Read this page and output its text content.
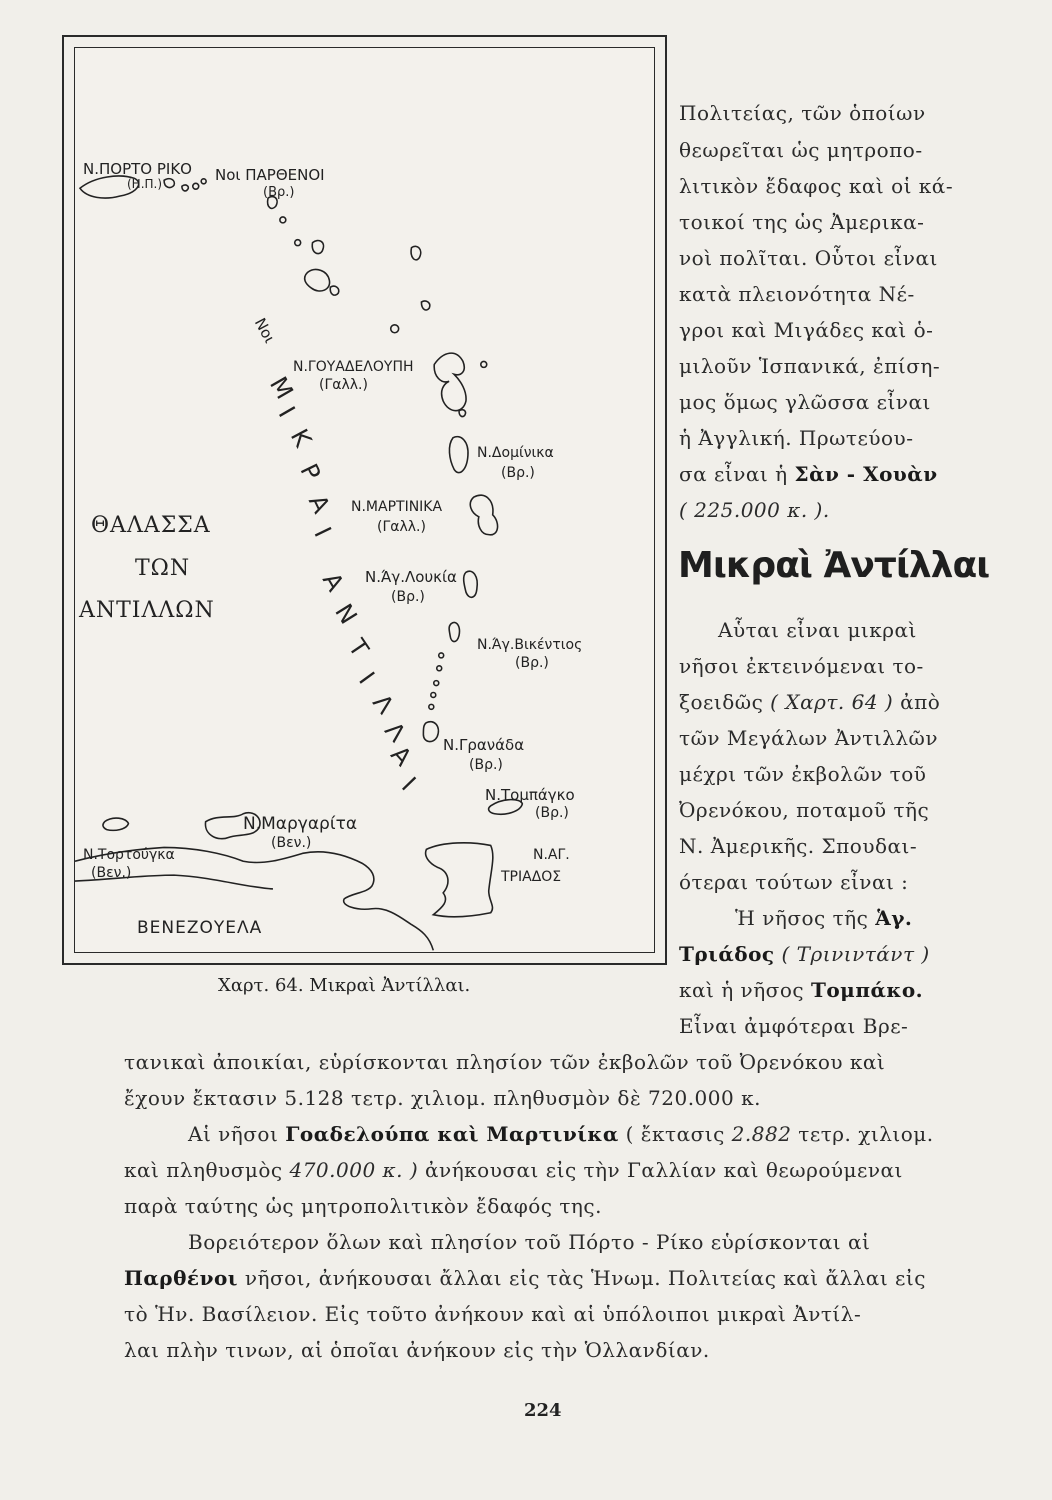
Ν.ΠΟΡΤΟ ΡΙΚΟ
(Η.Π.)	Νοι ΠΑΡΘΕΝΟΙ
(Βρ.)
Νοι
Ν.ΓΟΥΑΔΕΛΟΥΠΗ
(Γαλλ.)
Ν.Δομίνικα
(Βρ.)
Ν.ΜΑΡΤΙΝΙΚΑ
(Γαλλ.)
Ν.Άγ.Λουκία
(Βρ.)
Ν.Άγ.Βικέντιος
(Βρ.)
Ν.Γρανάδα
(Βρ.)
Ν.Τομπάγκο
(Βρ.)
Ν.Μαργαρίτα
(Βεν.)
Ν.Τορτούγκα
(Βεν.)
Ν.ΑΓ.
ΤΡΙΑΔΟΣ
ΒΕΝΕΖΟΥΕΛΑ
ΘΑΛΑΣΣΑ
ΤΩΝ
ΑΝΤΙΛΛΩΝ
Μ
Ι
Κ
Ρ
Α
Ι
Α
Ν
Τ
Ι
Λ
Λ
Α
Ι
Χαρτ. 64. Μικραὶ Ἀντίλλαι.
Πολιτείας, τῶν ὁποίων
θεωρεῖται ὡς μητροπο-
λιτικὸν ἔδαφος καὶ οἱ κά-
τοικοί της ὡς Ἀμερικα-
νοὶ πολῖται. Οὗτοι εἶναι
κατὰ πλειονότητα Νέ-
γροι καὶ Μιγάδες καὶ ὁ-
μιλοῦν Ἱσπανικά, ἐπίση-
μος ὅμως γλῶσσα εἶναι
ἡ Ἀγγλική. Πρωτεύου-
σα εἶναι ἡ Σὰν - Χουὰν
( 225.000 κ. ).
Μικραὶ Ἀντίλλαι
Αὗται εἶναι μικραὶ
νῆσοι ἐκτεινόμεναι το-
ξοειδῶς ( Χαρτ. 64 ) ἀπὸ
τῶν Μεγάλων Ἀντιλλῶν
μέχρι τῶν ἐκβολῶν τοῦ
Ὀρενόκου, ποταμοῦ τῆς
Ν. Ἀμερικῆς. Σπουδαι-
ότεραι τούτων εἶναι :
Ἡ νῆσος τῆς Ἁγ.
Τριάδος ( Τρινιντάντ )
καὶ ἡ νῆσος Τομπάκο.
Εἶναι ἀμφότεραι Βρε-
τανικαὶ ἀποικίαι, εὑρίσκονται πλησίον τῶν ἐκβολῶν τοῦ Ὀρενόκου καὶ
ἔχουν ἔκτασιν 5.128 τετρ. χιλιομ. πληθυσμὸν δὲ 720.000 κ.
Αἱ νῆσοι Γοαδελούπα καὶ Μαρτινίκα ( ἔκτασις 2.882 τετρ. χιλιομ.
καὶ πληθυσμὸς 470.000 κ. ) ἀνήκουσαι εἰς τὴν Γαλλίαν καὶ θεωρούμεναι
παρὰ ταύτης ὡς μητροπολιτικὸν ἔδαφός της.
Βορειότερον ὅλων καὶ πλησίον τοῦ Πόρτο - Ρίκο εὑρίσκονται αἱ
Παρθένοι νῆσοι, ἀνήκουσαι ἄλλαι εἰς τὰς Ἡνωμ. Πολιτείας καὶ ἄλλαι εἰς
τὸ Ἡν. Βασίλειον. Εἰς τοῦτο ἀνήκουν καὶ αἱ ὑπόλοιποι μικραὶ Ἀντίλ-
λαι πλὴν τινων, αἱ ὁποῖαι ἀνήκουν εἰς τὴν Ὁλλανδίαν.
224
